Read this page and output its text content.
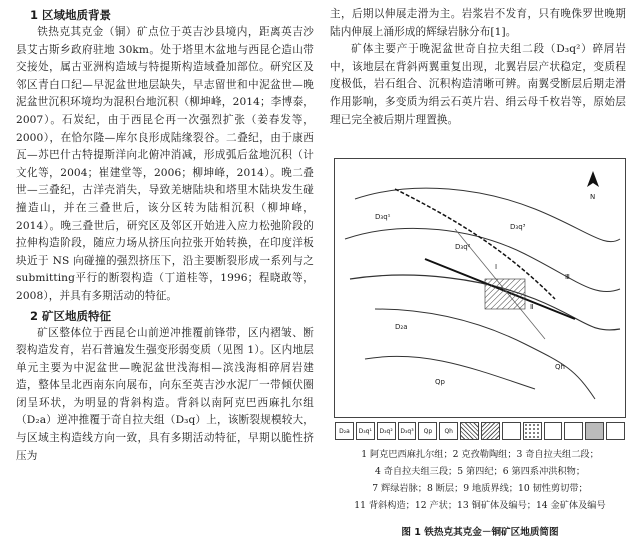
1 区域地质背景

铁热克其克金（铜）矿点位于英吉沙县境内，距离英吉沙县艾古斯乡政府驻地 30km。处于塔里木盆地与西昆仑造山带交接处，属古亚洲构造域与特提斯构造域叠加部位。研究区及邻区青白口纪—早泥盆世地层缺失，早志留世和中泥盆世—晚泥盆世沉积环境均为混积台地沉积（柳坤峰，2014；李博泰，2007）。石炭纪，由于西昆仑再一次强烈扩张（姜春发等，2000），在恰尔隆—库尔良形成陆缘裂谷。二叠纪，由于康西瓦—苏巴什古特提斯洋向北俯冲消减，形成弧后盆地沉积（计文化等，2004；崔建堂等，2006；柳坤峰，2014）。晚二叠世—三叠纪，古洋壳消失，导致羌塘陆块和塔里木陆块发生碰撞造山，并在三叠世后，该分区转为陆相沉积（柳坤峰，2014）。晚三叠世后，研究区及邻区开始进入应力松弛阶段的拉伸构造阶段，随应力场从挤压向拉张开始转换，在印度洋板块近于 NS 向碰撞的强烈挤压下，沿主要断裂形成一系列与之submitting平行的断裂构造（丁道桂等，1996；程晓敢等，2008），并具有多期活动的特征。

2 矿区地质特征

矿区整体位于西昆仑山前逆冲推覆前锋带，区内褶皱、断裂构造发育，岩石普遍发生强变形弱变质（见图 1）。区内地层单元主要为中泥盆世—晚泥盆世浅海相—滨浅海相碎屑岩建造，整体呈北西南东向展布，向东至英吉沙水泥厂一带倾伏圈闭呈环状，为明显的背斜构造。背斜以南阿克巴西麻扎尔组（D₂a）逆冲推覆于奇自拉夫组（D₃q）上，该断裂规模较大，与区域主构造线方向一致，具有多期活动特征，早期以脆性挤压为

主，后期以伸展走滑为主。岩浆岩不发育，只有晚侏罗世晚期陆内伸展上涌形成的辉绿岩脉分布[1]。

矿体主要产于晚泥盆世奇自拉夫组二段（D₃q²）碎屑岩中，该地层在背斜两翼重复出现，北翼岩层产状稳定，变质程度极低，岩石组合、沉积构造清晰可辨。南翼受断层后期走滑作用影响，多变质为绢云石英片岩、绢云母千枚岩等，原始层理已完全被后期片理置换。

N
D₃q¹
D₃q²
D₃q³
D₂a
Qh
Qp
Ⅰ
Ⅱ
Ⅲ
D₂a	D₃q¹	D₃q²	D₃q³	Qp	Qh
1 阿克巴西麻扎尔组；2 克孜勒陶组；3 奇自拉夫组二段；
4 奇自拉夫组三段；5 第四纪；6 第四系冲洪积物；
7 辉绿岩脉；8 断层；9 地质界线；10 韧性剪切带；
11 背斜构造；12 产状；13 铜矿体及编号；14 金矿体及编号
图 1 铁热克其克金－铜矿区地质简图
